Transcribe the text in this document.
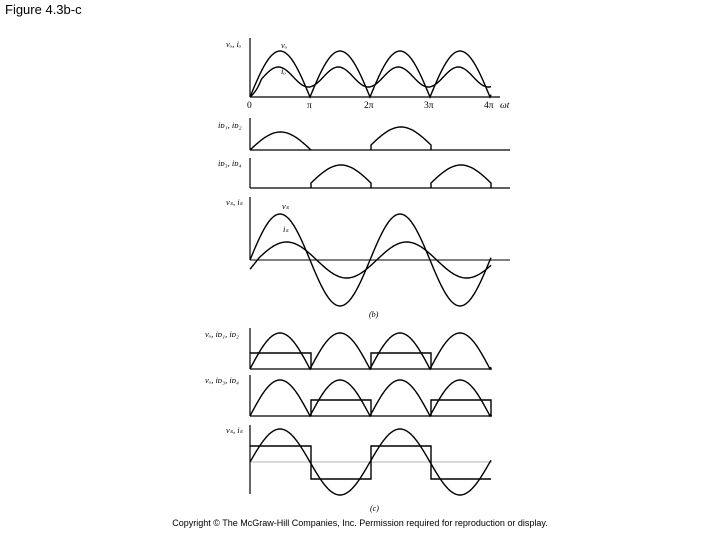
Figure 4.3b-c
vₒ, iₒ	vₒ
iₒ
0	π	2π	3π	4π ωt
iᴅ₁, iᴅ₂
iᴅ₃, iᴅ₄
vₛ, iₛ	vₛ
iₛ
(b)
vₒ, iᴅ₁, iᴅ₂
vₒ, iᴅ₃, iᴅ₄
vₛ, iₛ
(c)
Copyright © The McGraw-Hill Companies, Inc. Permission required for reproduction or display.
